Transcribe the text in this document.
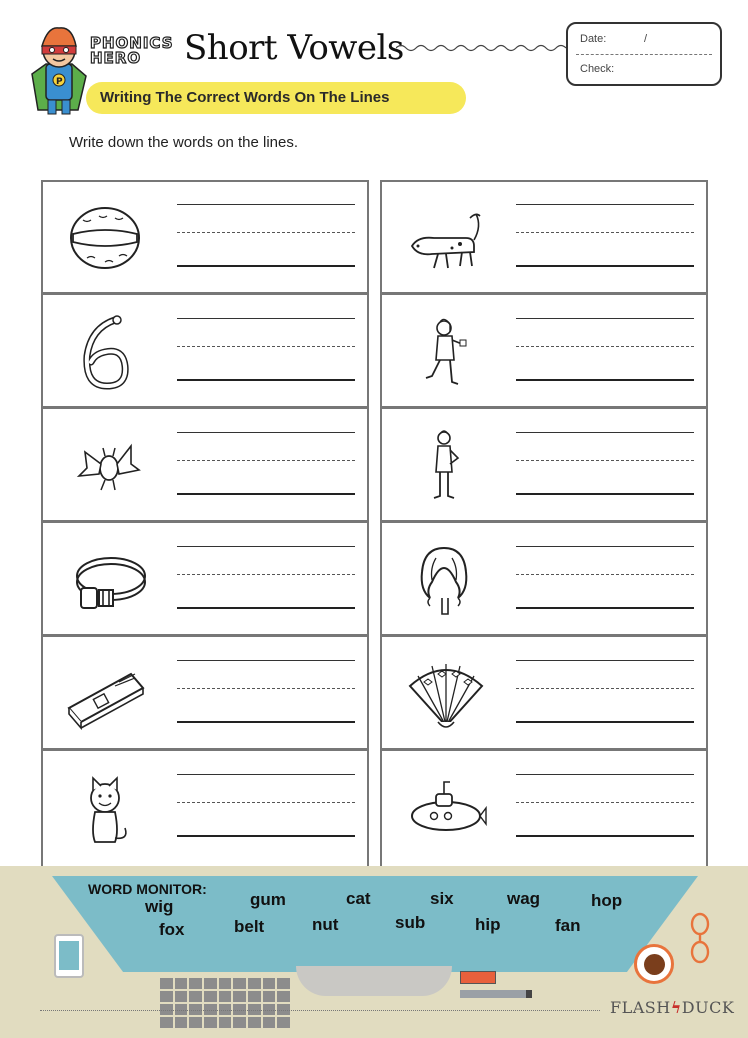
P
PHONICS
HERO	Short Vowels	Date:	/
Check:
Writing The Correct Words On The Lines
Write down the words on the lines.
WORD MONITOR:
wig	gum	cat	six	wag	hop
fox	belt	nut	sub	hip	fan
FLASHϟDUCK
